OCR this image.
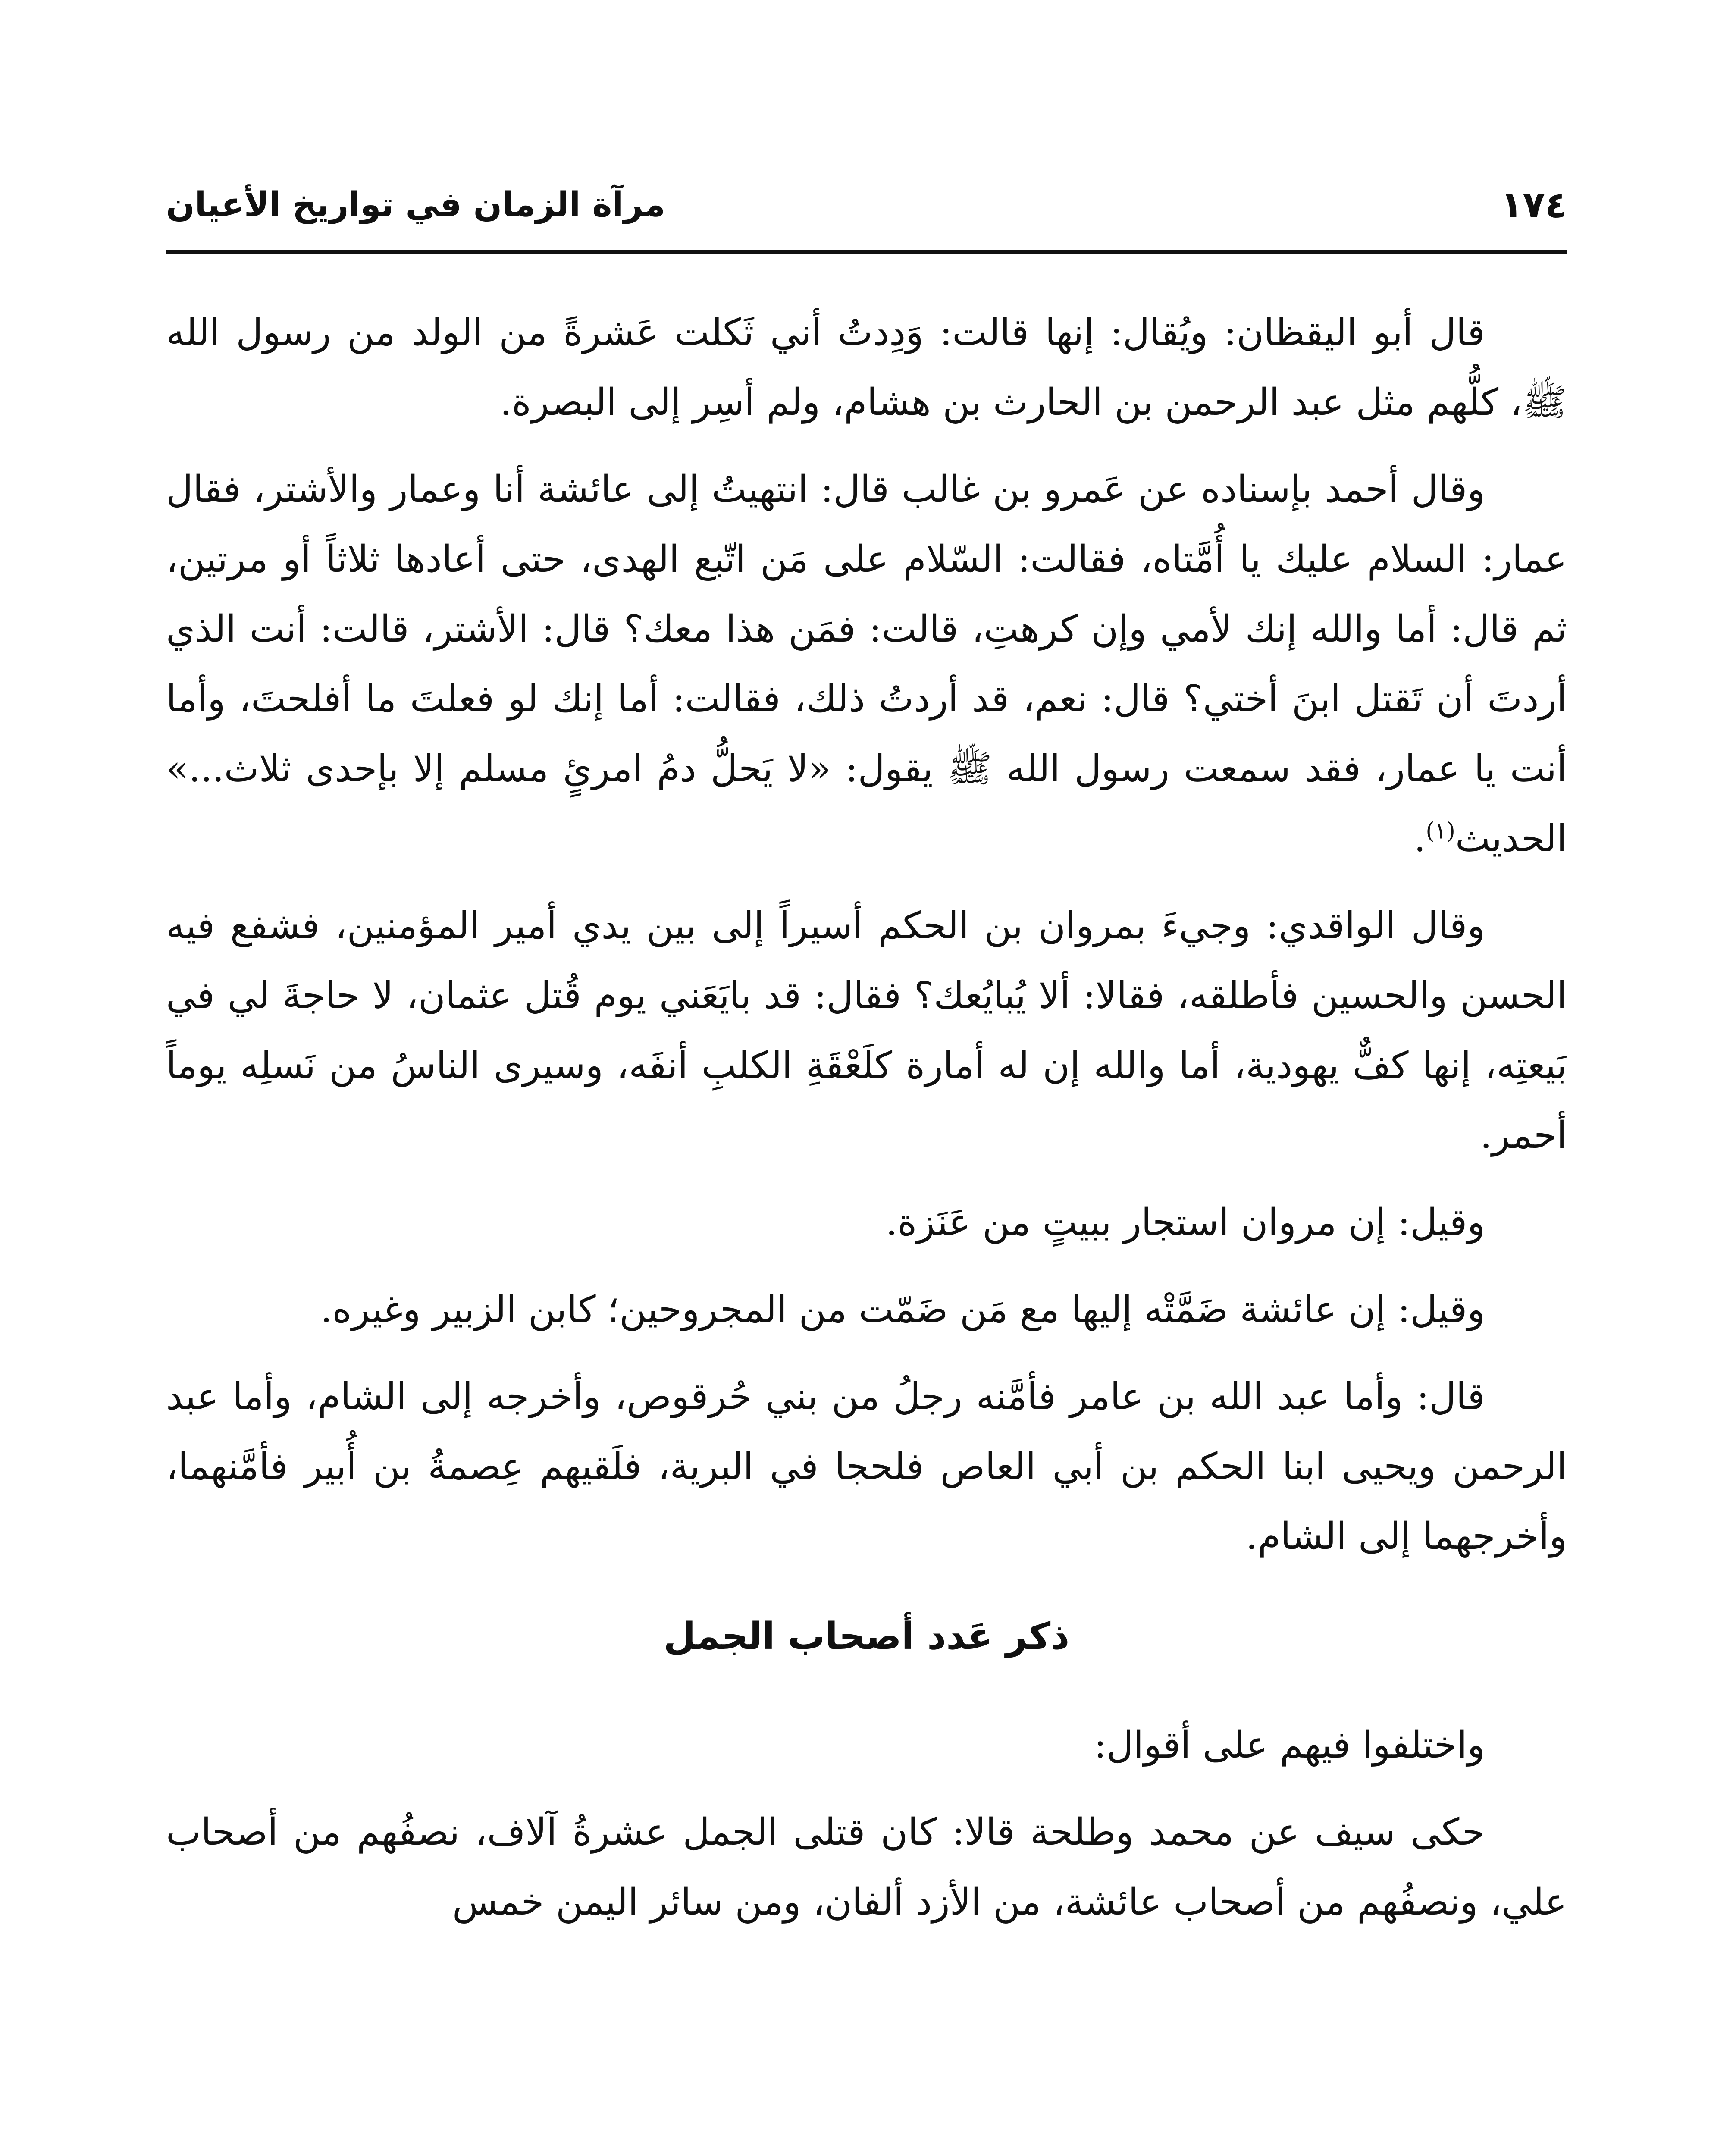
١٧٤
مرآة الزمان في تواريخ الأعيان

قال أبو اليقظان: ويُقال: إنها قالت: وَدِدتُ أني ثَكلت عَشرةً من الولد من رسول الله ﷺ، كلُّهم مثل عبد الرحمن بن الحارث بن هشام، ولم أسِر إلى البصرة.

وقال أحمد بإسناده عن عَمرو بن غالب قال: انتهيتُ إلى عائشة أنا وعمار والأشتر، فقال عمار: السلام عليك يا أُمَّتاه، فقالت: السّلام على مَن اتّبع الهدى، حتى أعادها ثلاثاً أو مرتين، ثم قال: أما والله إنك لأمي وإن كرهتِ، قالت: فمَن هذا معك؟ قال: الأشتر، قالت: أنت الذي أردتَ أن تَقتل ابنَ أختي؟ قال: نعم، قد أردتُ ذلك، فقالت: أما إنك لو فعلتَ ما أفلحتَ، وأما أنت يا عمار، فقد سمعت رسول الله ﷺ يقول: «لا يَحلُّ دمُ امرئٍ مسلم إلا بإحدى ثلاث...» الحديث$^{(١)}$.

وقال الواقدي: وجيءَ بمروان بن الحكم أسيراً إلى بين يدي أمير المؤمنين، فشفع فيه الحسن والحسين فأطلقه، فقالا: ألا يُبايُعك؟ فقال: قد بايَعَني يوم قُتل عثمان، لا حاجةَ لي في بَيعتِه، إنها كفٌّ يهودية، أما والله إن له أمارة كلَعْقَةِ الكلبِ أنفَه، وسيرى الناسُ من نَسلِه يوماً أحمر.

وقيل: إن مروان استجار ببيتٍ من عَنَزة.

وقيل: إن عائشة ضَمَّتْه إليها مع مَن ضَمّت من المجروحين؛ كابن الزبير وغيره.

قال: وأما عبد الله بن عامر فأمَّنه رجلُ من بني حُرقوص، وأخرجه إلى الشام، وأما عبد الرحمن ويحيى ابنا الحكم بن أبي العاص فلحجا في البرية، فلَقيهم عِصمةُ بن أُبير فأمَّنهما، وأخرجهما إلى الشام.

ذكر عَدد أصحاب الجمل

واختلفوا فيهم على أقوال:

حكى سيف عن محمد وطلحة قالا: كان قتلى الجمل عشرةُ آلاف، نصفُهم من أصحاب علي، ونصفُهم من أصحاب عائشة، من الأزد ألفان، ومن سائر اليمن خمس
